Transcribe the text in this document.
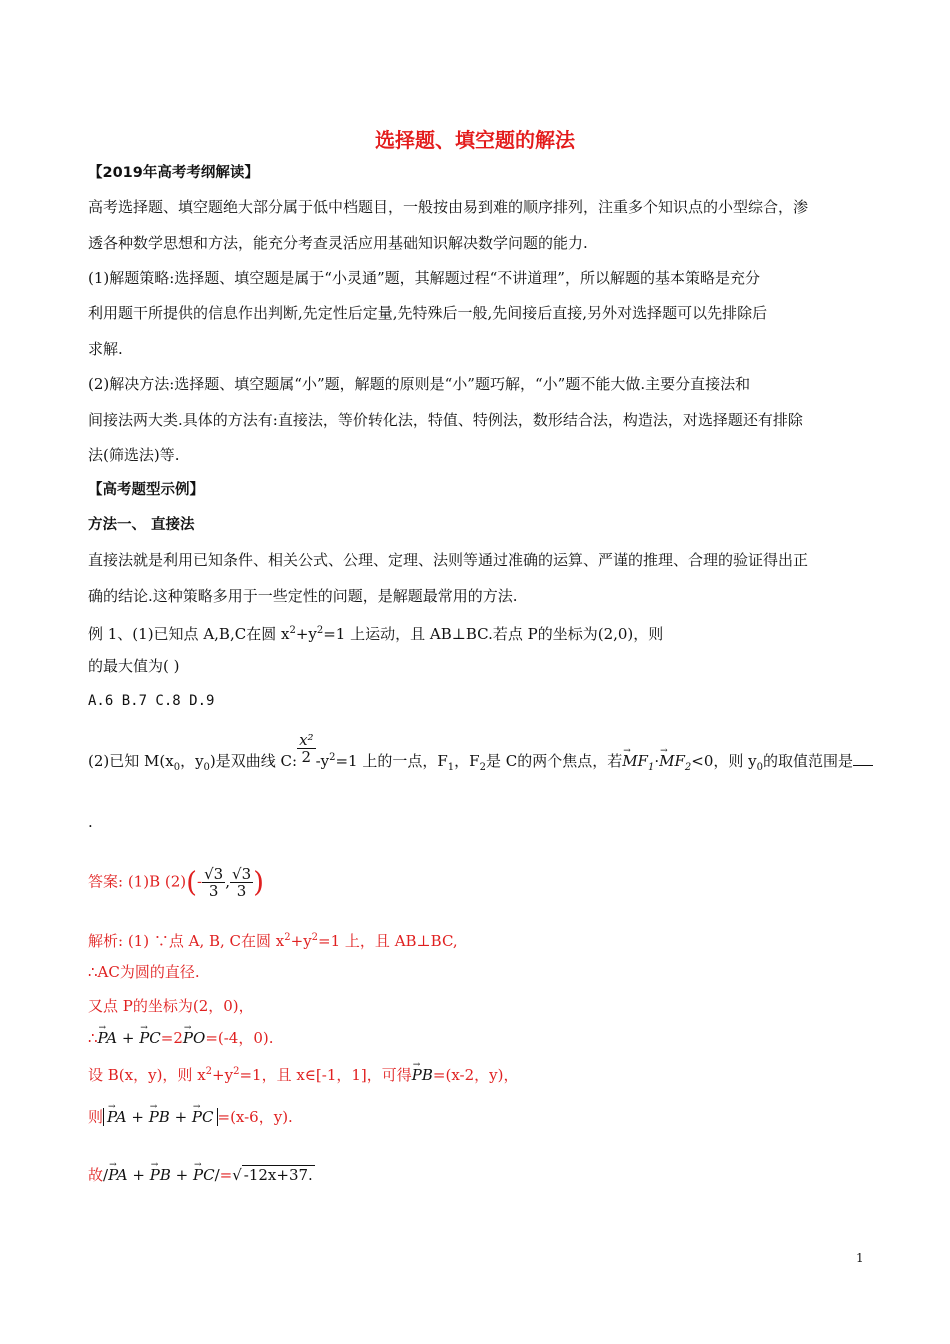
选择题、填空题的解法
【2019年高考考纲解读】
高考选择题、填空题绝大部分属于低中档题目，一般按由易到难的顺序排列，注重多个知识点的小型综合，渗
透各种数学思想和方法，能充分考查灵活应用基础知识解决数学问题的能力.
(1)解题策略:选择题、填空题是属于“小灵通”题，其解题过程“不讲道理”，所以解题的基本策略是充分
利用题干所提供的信息作出判断,先定性后定量,先特殊后一般,先间接后直接,另外对选择题可以先排除后
求解.
(2)解决方法:选择题、填空题属“小”题，解题的原则是“小”题巧解，“小”题不能大做.主要分直接法和
间接法两大类.具体的方法有:直接法，等价转化法，特值、特例法，数形结合法，构造法，对选择题还有排除
法(筛选法)等.
【高考题型示例】
方法一、 直接法
直接法就是利用已知条件、相关公式、公理、定理、法则等通过准确的运算、严谨的推理、合理的验证得出正
确的结论.这种策略多用于一些定性的问题，是解题最常用的方法.
例 1、(1)已知点 A,B,C在圆 $x^2+y^2=1$ 上运动，且 AB⊥BC.若点 P的坐标为(2,0)，则
的最大值为( )
A.6 B.7 C.8 D.9
(2)已知 $M(x_0$，$y_0$)是双曲线 C: $\frac{\text{x²}}{2} -y^2=1$ 上的一点，$F_1$，$F_2$是 C的两个焦点，若→ $MF_1\cdot\to MF_2<0$，则 $y_0$的取值范围是
.
答案: (1)B $(2)(- \frac{√3}{3}$ , $\frac{√3}{3}$ )
解析: (1) ∵点 A, B, C在圆 $x^2+y^2=1$ 上，且 AB⊥BC,
∴AC为圆的直径.
又点 P的坐标为(2，0)，
∴→ PA + → PC=2→ PO=(-4，0).
设 B(x，y)，则 $x^2+y^2=1$，且 x∈[-1，1]，可得→ PB=(x-2，y)，
则→ PA + → PB + → PC =(x-6，y).
故/→ PA + → PB + → PC/=√ -12x+37.
1
